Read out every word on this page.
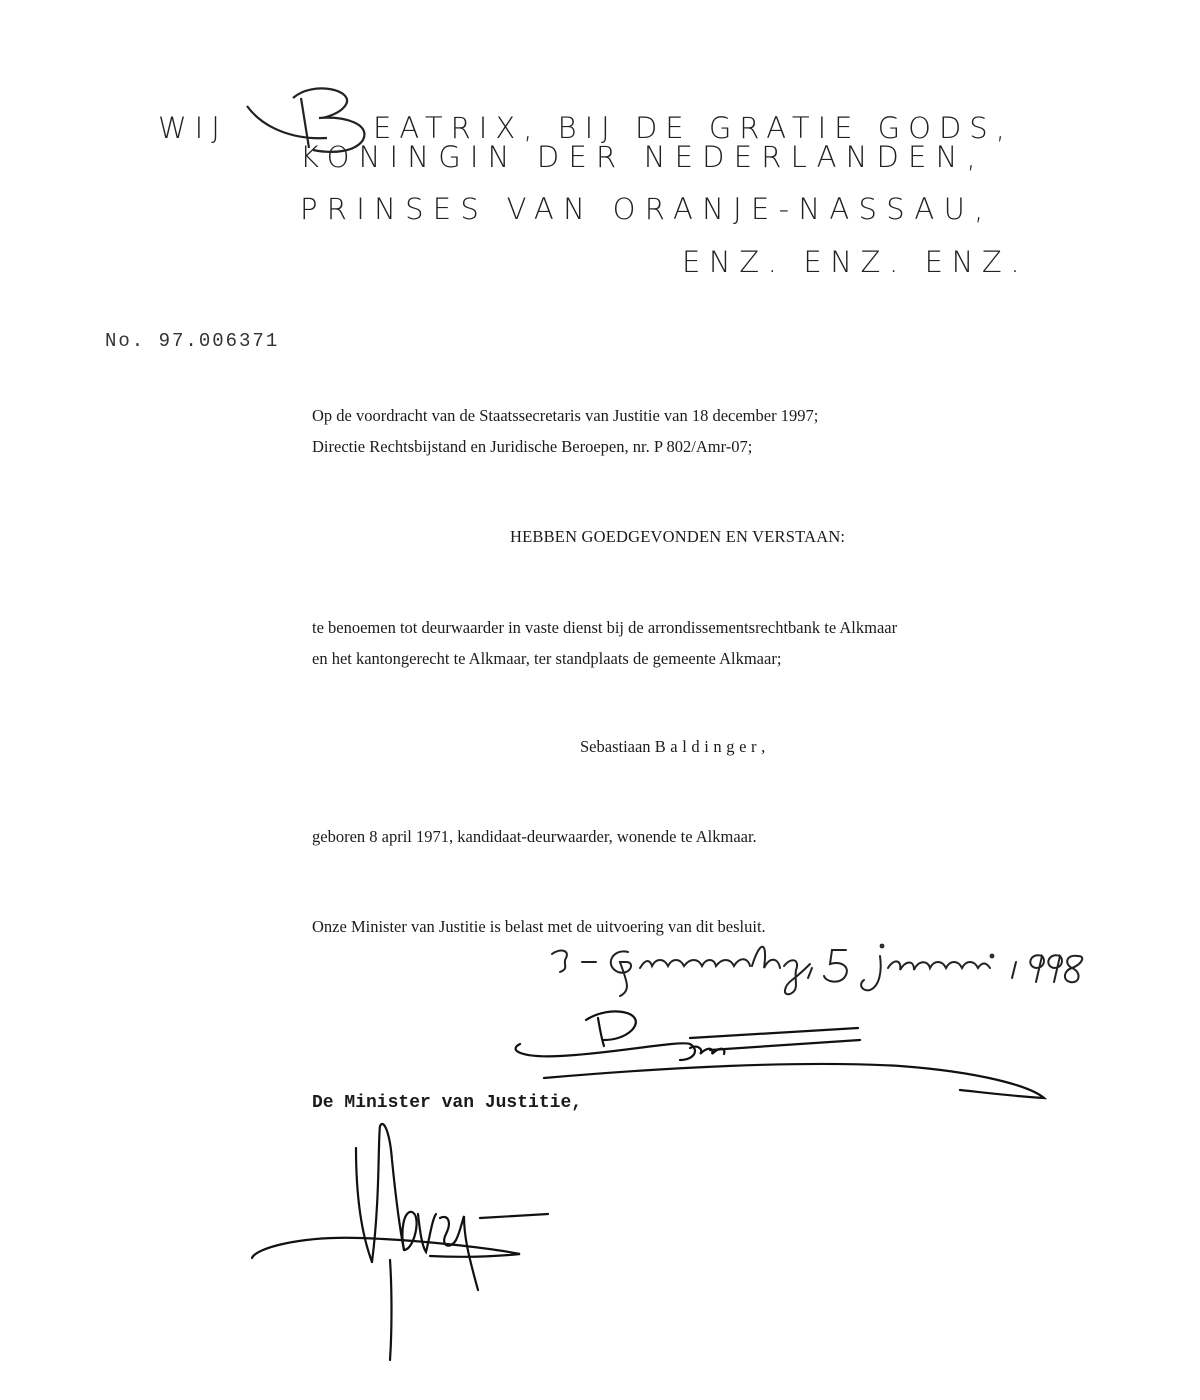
WIJ	EATRIX, BIJ DE GRATIE GODS,
KONINGIN DER NEDERLANDEN,
PRINSES VAN ORANJE-NASSAU,
ENZ. ENZ. ENZ.
No. 97.006371
Op de voordracht van de Staatssecretaris van Justitie van 18 december 1997;
Directie Rechtsbijstand en Juridische Beroepen, nr. P 802/Amr-07;
HEBBEN GOEDGEVONDEN EN VERSTAAN:
te benoemen tot deurwaarder in vaste dienst bij de arrondissementsrechtbank te Alkmaar
en het kantongerecht te Alkmaar, ter standplaats de gemeente Alkmaar;
Sebastiaan Baldinger,
geboren 8 april 1971, kandidaat-deurwaarder, wonende te Alkmaar.
Onze Minister van Justitie is belast met de uitvoering van dit besluit.
De Minister van Justitie,
